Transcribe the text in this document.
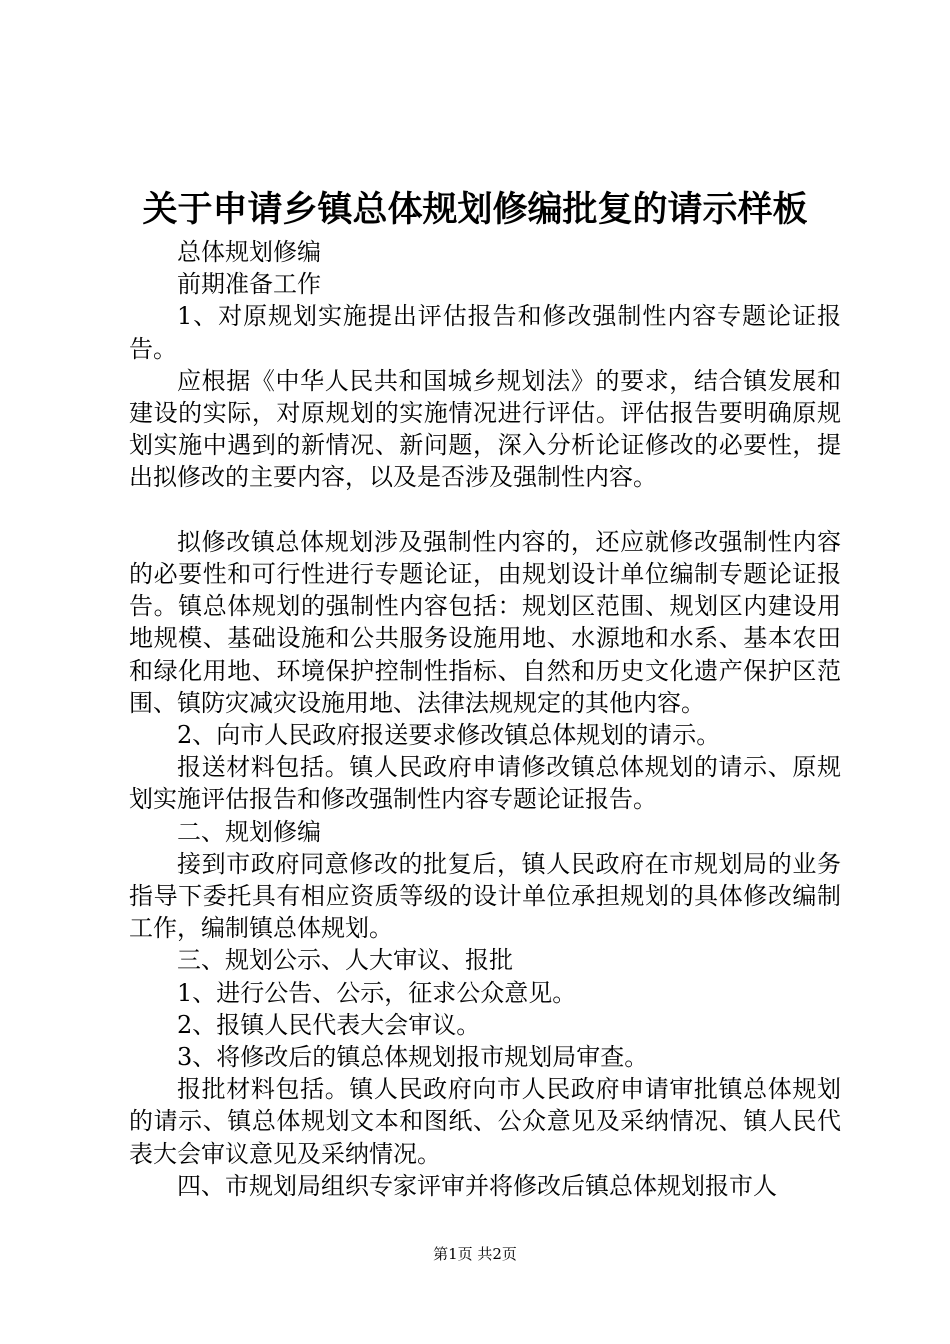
关于申请乡镇总体规划修编批复的请示样板

总体规划修编

前期准备工作

1、对原规划实施提出评估报告和修改强制性内容专题论证报告。

应根据《中华人民共和国城乡规划法》的要求，结合镇发展和建设的实际，对原规划的实施情况进行评估。评估报告要明确原规划实施中遇到的新情况、新问题，深入分析论证修改的必要性，提出拟修改的主要内容，以及是否涉及强制性内容。

拟修改镇总体规划涉及强制性内容的，还应就修改强制性内容的必要性和可行性进行专题论证，由规划设计单位编制专题论证报告。镇总体规划的强制性内容包括：规划区范围、规划区内建设用地规模、基础设施和公共服务设施用地、水源地和水系、基本农田和绿化用地、环境保护控制性指标、自然和历史文化遗产保护区范围、镇防灾减灾设施用地、法律法规规定的其他内容。

2、向市人民政府报送要求修改镇总体规划的请示。

报送材料包括。镇人民政府申请修改镇总体规划的请示、原规划实施评估报告和修改强制性内容专题论证报告。

二、规划修编

接到市政府同意修改的批复后，镇人民政府在市规划局的业务指导下委托具有相应资质等级的设计单位承担规划的具体修改编制工作，编制镇总体规划。

三、规划公示、人大审议、报批

1、进行公告、公示，征求公众意见。

2、报镇人民代表大会审议。

3、将修改后的镇总体规划报市规划局审查。

报批材料包括。镇人民政府向市人民政府申请审批镇总体规划的请示、镇总体规划文本和图纸、公众意见及采纳情况、镇人民代表大会审议意见及采纳情况。

四、市规划局组织专家评审并将修改后镇总体规划报市人

第1页 共2页
